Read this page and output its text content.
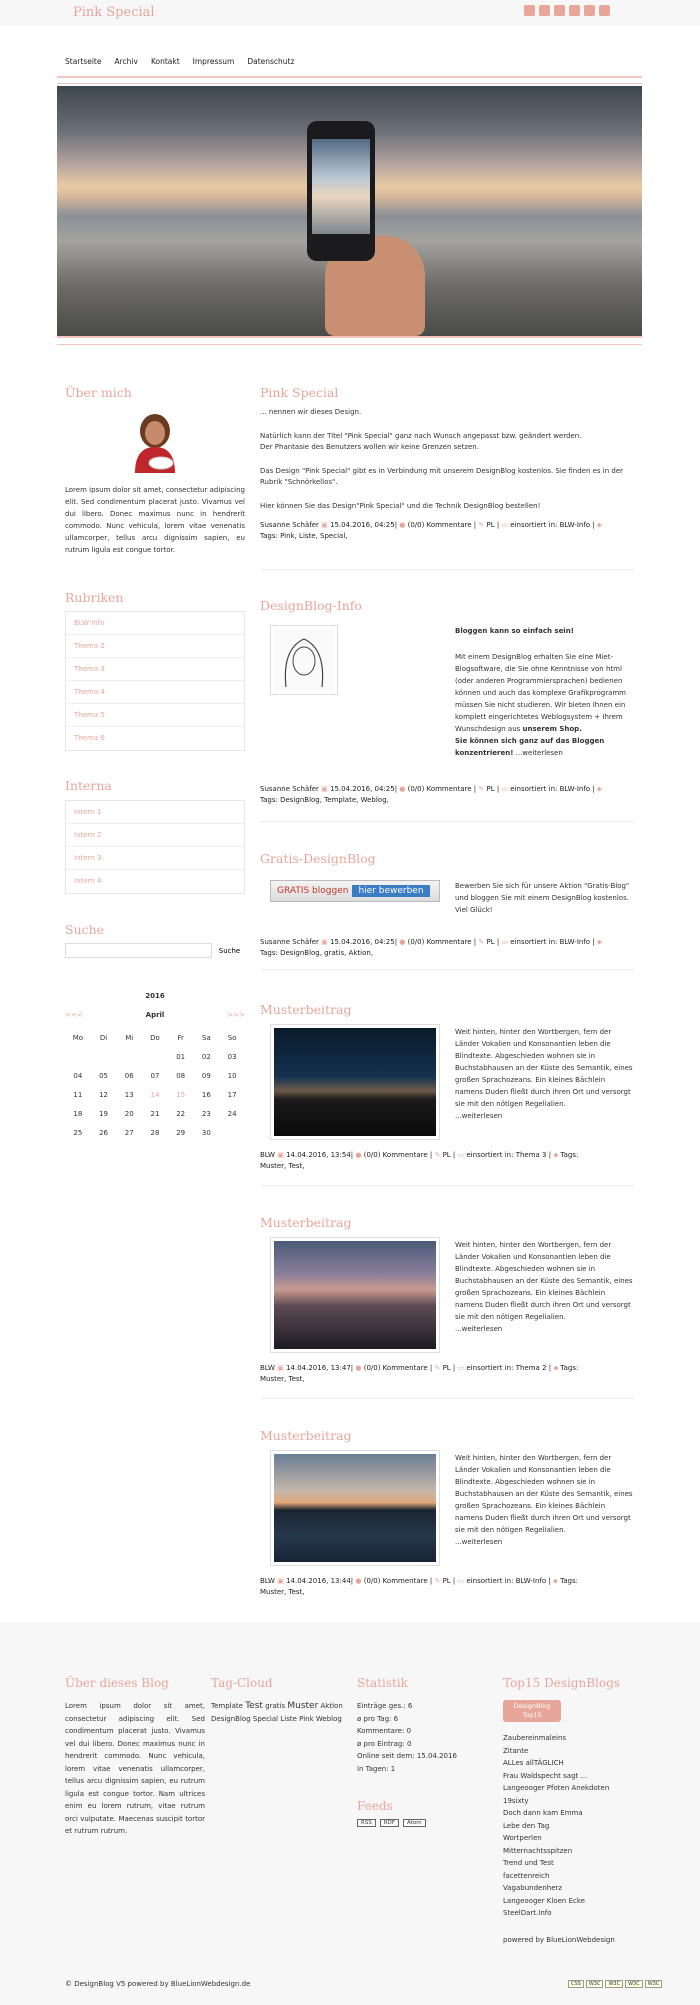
Pink Special
Startseite Archiv Kontakt Impressum Datenschutz
Über mich

Lorem ipsum dolor sit amet, consectetur adipiscing elit. Sed condimentum placerat justo. Vivamus vel dui libero. Donec maximus nunc in hendrerit commodo. Nunc vehicula, lorem vitae venenatis ullamcorper, tellus arcu dignissim sapien, eu rutrum ligula est congue tortor.

Rubriken
BLW-Info
Thema 2
Thema 3
Thema 4
Thema 5
Thema 6
Interna
Intern 1
Intern 2
Intern 3
Intern 4
Suche
Suche
2016
<<<	April	>>>
Mo	Di	Mi	Do	Fr	Sa	So
				01	02	03
04	05	06	07	08	09	10
11	12	13	14	15	16	17
18	19	20	21	22	23	24
25	26	27	28	29	30	
Pink Special

... nennen wir dieses Design.

Natürlich kann der Titel "Pink Special" ganz nach Wunsch angepasst bzw. geändert werden.

Der Phantasie des Benutzers wollen wir keine Grenzen setzen.

Das Design "Pink Special" gibt es in Verbindung mit unserem DesignBlog kostenlos. Sie finden es in der Rubrik "Schnörkellos".

Hier können Sie das Design"Pink Special" und die Technik DesignBlog bestellen!

Susanne Schäfer ▣ 15.04.2016, 04:25| ● (0/0) Kommentare | ✎ PL | ▭ einsortiert in: BLW-Info | ⬥
Tags: Pink, Liste, Special,
DesignBlog-Info
Bloggen kann so einfach sein!
Mit einem DesignBlog erhalten Sie eine Miet-Blogsoftware, die Sie ohne Kenntnisse von html (oder anderen Programmiersprachen) bedienen können und auch das komplexe Grafikprogramm müssen Sie nicht studieren. Wir bieten Ihnen ein komplett eingerichtetes Weblogsystem + Ihrem Wunschdesign aus unserem Shop.
Sie können sich ganz auf das Bloggen konzentrieren! ...weiterlesen
Susanne Schäfer ▣ 15.04.2016, 04:25| ● (0/0) Kommentare | ✎ PL | ▭ einsortiert in: BLW-Info | ⬥
Tags: DesignBlog, Template, Weblog,
Gratis-DesignBlog
GRATIS bloggen	hier bewerben	Bewerben Sie sich für unsere Aktion "Gratis-Blog" und bloggen Sie mit einem DesignBlog kostenlos. Viel Glück!
Susanne Schäfer ▣ 15.04.2016, 04:25| ● (0/0) Kommentare | ✎ PL | ▭ einsortiert in: BLW-Info | ⬥
Tags: DesignBlog, gratis, Aktion,
Musterbeitrag
Weit hinten, hinter den Wortbergen, fern der Länder Vokalien und Konsonantien leben die Blindtexte. Abgeschieden wohnen sie in Buchstabhausen an der Küste des Semantik, eines großen Sprachozeans. Ein kleines Bächlein namens Duden fließt durch ihren Ort und versorgt sie mit den nötigen Regelialien.
...weiterlesen
BLW ▣ 14.04.2016, 13:54| ● (0/0) Kommentare | ✎ PL | ▭ einsortiert in: Thema 3 | ⬥ Tags:
Muster, Test,
Musterbeitrag
Weit hinten, hinter den Wortbergen, fern der Länder Vokalien und Konsonantien leben die Blindtexte. Abgeschieden wohnen sie in Buchstabhausen an der Küste des Semantik, eines großen Sprachozeans. Ein kleines Bächlein namens Duden fließt durch ihren Ort und versorgt sie mit den nötigen Regelialien.
...weiterlesen
BLW ▣ 14.04.2016, 13:47| ● (0/0) Kommentare | ✎ PL | ▭ einsortiert in: Thema 2 | ⬥ Tags:
Muster, Test,
Musterbeitrag
Weit hinten, hinter den Wortbergen, fern der Länder Vokalien und Konsonantien leben die Blindtexte. Abgeschieden wohnen sie in Buchstabhausen an der Küste des Semantik, eines großen Sprachozeans. Ein kleines Bächlein namens Duden fließt durch ihren Ort und versorgt sie mit den nötigen Regelialien.
...weiterlesen
BLW ▣ 14.04.2016, 13:44| ● (0/0) Kommentare | ✎ PL | ▭ einsortiert in: BLW-Info | ⬥ Tags:
Muster, Test,
Über dieses Blog

Lorem ipsum dolor sit amet, consectetur adipiscing elit. Sed condimentum placerat justo. Vivamus vel dui libero. Donec maximus nunc in hendrerit commodo. Nunc vehicula, lorem vitae venenatis ullamcorper, tellus arcu dignissim sapien, eu rutrum ligula est congue tortor. Nam ultrices enim eu lorem rutrum, vitae rutrum orci vulputate. Maecenas suscipit tortor et rutrum rutrum.

Tag-Cloud
Template Test gratis Muster Aktion
DesignBlog Special Liste Pink Weblog
Statistik

Einträge ges.: 6

ø pro Tag: 6

Kommentare: 0

ø pro Eintrag: 0

Online seit dem: 15.04.2016

in Tagen: 1

Feeds
RSS	RDF	Atom
Top15 DesignBlogs
DesignBlog
Top15
Zaubereinmaleins
Zitante
ALLes allTÄGLICH
Frau Waldspecht sagt ...
Langeooger Pfoten Anekdoten
19sixty
Doch dann kam Emma
Lebe den Tag
Wortperlen
Mitternachtsspitzen
Trend und Test
facettenreich
Vagabundenherz
Langeooger Kloen Ecke
SteelDart.Info

powered by BlueLionWebdesign

© DesignBlog V5 powered by BlueLionWebdesign.de	CSS	W3C	W3C	W3C	W3C
